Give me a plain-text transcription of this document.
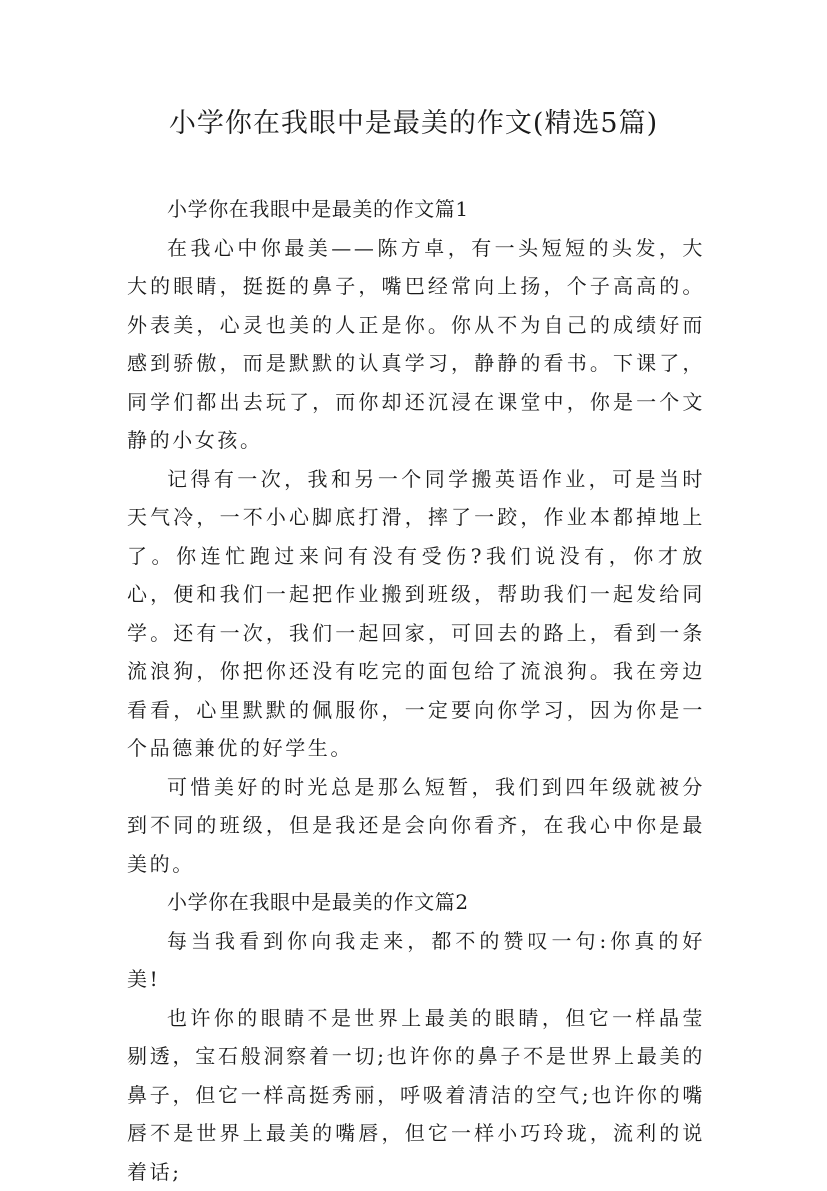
小学你在我眼中是最美的作文(精选5篇)

小学你在我眼中是最美的作文篇1

在我心中你最美——陈方卓，有一头短短的头发，大大的眼睛，挺挺的鼻子，嘴巴经常向上扬，个子高高的。外表美，心灵也美的人正是你。你从不为自己的成绩好而感到骄傲，而是默默的认真学习，静静的看书。下课了，同学们都出去玩了，而你却还沉浸在课堂中，你是一个文静的小女孩。

记得有一次，我和另一个同学搬英语作业，可是当时天气冷，一不小心脚底打滑，摔了一跤，作业本都掉地上了。你连忙跑过来问有没有受伤?我们说没有，你才放心，便和我们一起把作业搬到班级，帮助我们一起发给同学。还有一次，我们一起回家，可回去的路上，看到一条流浪狗，你把你还没有吃完的面包给了流浪狗。我在旁边看看，心里默默的佩服你，一定要向你学习，因为你是一个品德兼优的好学生。

可惜美好的时光总是那么短暂，我们到四年级就被分到不同的班级，但是我还是会向你看齐，在我心中你是最美的。

小学你在我眼中是最美的作文篇2

每当我看到你向我走来，都不的赞叹一句:你真的好美!

也许你的眼睛不是世界上最美的眼睛，但它一样晶莹剔透，宝石般洞察着一切;也许你的鼻子不是世界上最美的鼻子，但它一样高挺秀丽，呼吸着清洁的空气;也许你的嘴唇不是世界上最美的嘴唇，但它一样小巧玲珑，流利的说着话;
